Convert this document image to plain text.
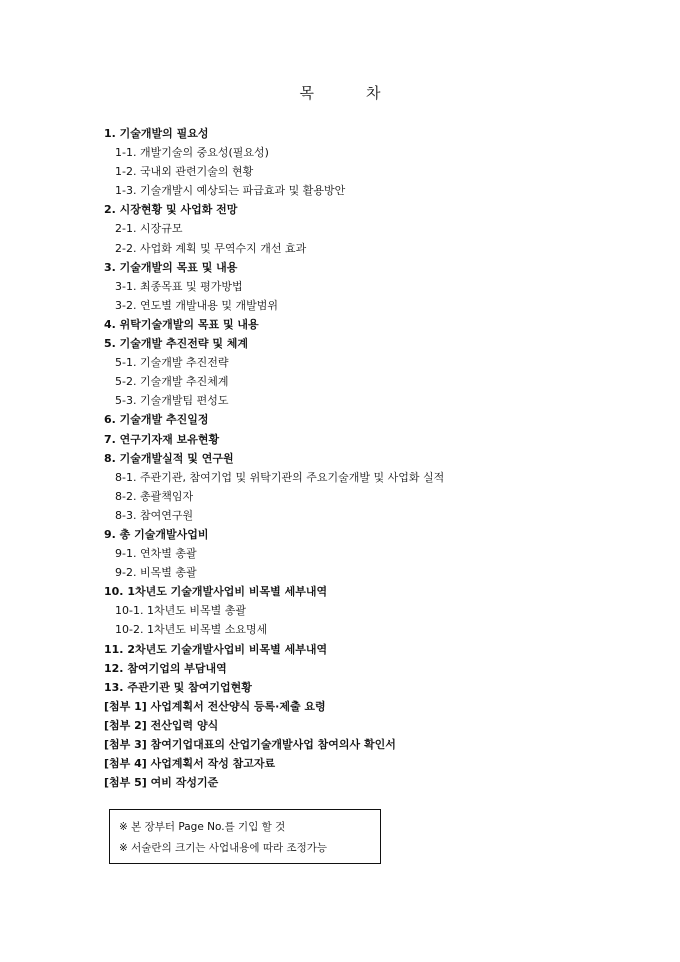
목	차
1. 기술개발의 필요성
1-1. 개발기술의 중요성(필요성)
1-2. 국내외 관련기술의 현황
1-3. 기술개발시 예상되는 파급효과 및 활용방안
2. 시장현황 및 사업화 전망
2-1. 시장규모
2-2. 사업화 계획 및 무역수지 개선 효과
3. 기술개발의 목표 및 내용
3-1. 최종목표 및 평가방법
3-2. 연도별 개발내용 및 개발범위
4. 위탁기술개발의 목표 및 내용
5. 기술개발 추진전략 및 체계
5-1. 기술개발 추진전략
5-2. 기술개발 추진체계
5-3. 기술개발팀 편성도
6. 기술개발 추진일정
7. 연구기자재 보유현황
8. 기술개발실적 및 연구원
8-1. 주관기관, 참여기업 및 위탁기관의 주요기술개발 및 사업화 실적
8-2. 총괄책임자
8-3. 참여연구원
9. 총 기술개발사업비
9-1. 연차별 총괄
9-2. 비목별 총괄
10. 1차년도 기술개발사업비 비목별 세부내역
10-1. 1차년도 비목별 총괄
10-2. 1차년도 비목별 소요명세
11. 2차년도 기술개발사업비 비목별 세부내역
12. 참여기업의 부담내역
13. 주관기관 및 참여기업현황
[첨부 1] 사업계획서 전산양식 등록·제출 요령
[첨부 2] 전산입력 양식
[첨부 3] 참여기업대표의 산업기술개발사업 참여의사 확인서
[첨부 4] 사업계획서 작성 참고자료
[첨부 5] 여비 작성기준
※ 본 장부터 Page No.를 기입 할 것
※ 서술란의 크기는 사업내용에 따라 조정가능
